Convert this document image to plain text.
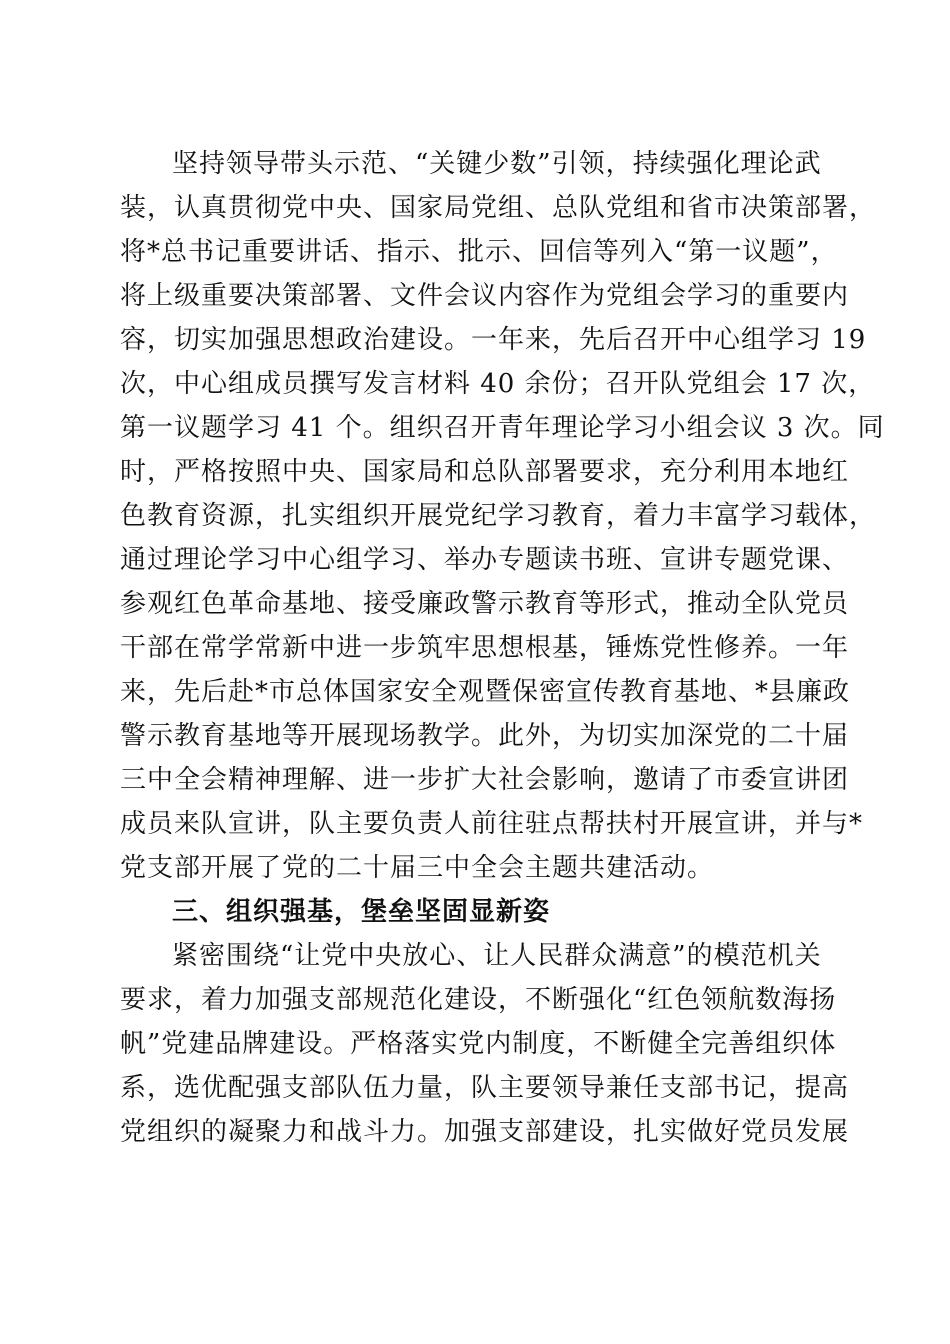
坚持领导带头示范、“关键少数”引领，持续强化理论武
装，认真贯彻党中央、国家局党组、总队党组和省市决策部署，
将*总书记重要讲话、指示、批示、回信等列入“第一议题”，
将上级重要决策部署、文件会议内容作为党组会学习的重要内
容，切实加强思想政治建设。一年来，先后召开中心组学习 19
次，中心组成员撰写发言材料 40 余份；召开队党组会 17 次，
第一议题学习 41 个。组织召开青年理论学习小组会议 3 次。同
时，严格按照中央、国家局和总队部署要求，充分利用本地红
色教育资源，扎实组织开展党纪学习教育，着力丰富学习载体，
通过理论学习中心组学习、举办专题读书班、宣讲专题党课、
参观红色革命基地、接受廉政警示教育等形式，推动全队党员
干部在常学常新中进一步筑牢思想根基，锤炼党性修养。一年
来，先后赴*市总体国家安全观暨保密宣传教育基地、*县廉政
警示教育基地等开展现场教学。此外，为切实加深党的二十届
三中全会精神理解、进一步扩大社会影响，邀请了市委宣讲团
成员来队宣讲，队主要负责人前往驻点帮扶村开展宣讲，并与*
党支部开展了党的二十届三中全会主题共建活动。
三、组织强基，堡垒坚固显新姿
紧密围绕“让党中央放心、让人民群众满意”的模范机关
要求，着力加强支部规范化建设，不断强化“红色领航数海扬
帆”党建品牌建设。严格落实党内制度，不断健全完善组织体
系，选优配强支部队伍力量，队主要领导兼任支部书记，提高
党组织的凝聚力和战斗力。加强支部建设，扎实做好党员发展
